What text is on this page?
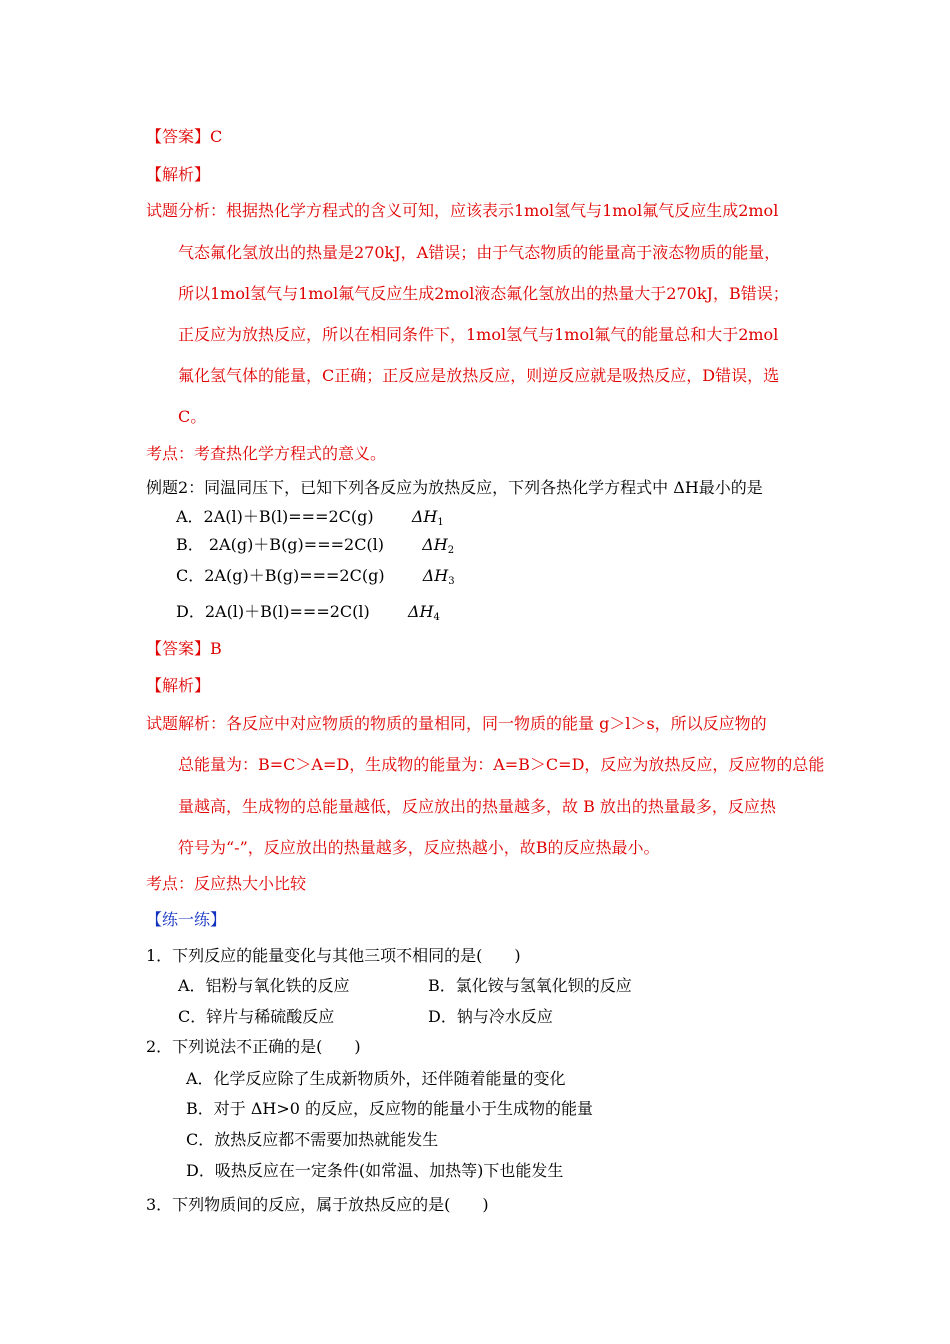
【答案】C
【解析】
试题分析：根据热化学方程式的含义可知，应该表示1mol氢气与1mol氟气反应生成2mol
气态氟化氢放出的热量是270kJ，A错误；由于气态物质的能量高于液态物质的能量，
所以1mol氢气与1mol氟气反应生成2mol液态氟化氢放出的热量大于270kJ，B错误；
正反应为放热反应，所以在相同条件下，1mol氢气与1mol氟气的能量总和大于2mol
氟化氢气体的能量，C正确；正反应是放热反应，则逆反应就是吸热反应，D错误，选
C。
考点：考查热化学方程式的意义。
例题2：同温同压下，已知下列各反应为放热反应，下列各热化学方程式中 ΔH最小的是
A．2A(l)＋B(l)===2C(g) $\Delta H_1$
B． 2A(g)＋B(g)===2C(l) $\Delta H_2$
C．2A(g)＋B(g)===2C(g) $\Delta H_3$
D．2A(l)＋B(l)===2C(l) $\Delta H_4$
【答案】B
【解析】
试题解析：各反应中对应物质的物质的量相同，同一物质的能量 g＞l＞s，所以反应物的
总能量为：B=C＞A=D，生成物的能量为：A=B＞C=D，反应为放热反应，反应物的总能
量越高，生成物的总能量越低，反应放出的热量越多，故 B 放出的热量最多，反应热
符号为“-”，反应放出的热量越多，反应热越小，故B的反应热最小。
考点：反应热大小比较
【练一练】
1．下列反应的能量变化与其他三项不相同的是(　　)
A．铝粉与氧化铁的反应	B．氯化铵与氢氧化钡的反应
C．锌片与稀硫酸反应	D．钠与冷水反应
2．下列说法不正确的是(　　)
A．化学反应除了生成新物质外，还伴随着能量的变化
B．对于 ΔH>0 的反应，反应物的能量小于生成物的能量
C．放热反应都不需要加热就能发生
D．吸热反应在一定条件(如常温、加热等)下也能发生
3．下列物质间的反应，属于放热反应的是(　　)
